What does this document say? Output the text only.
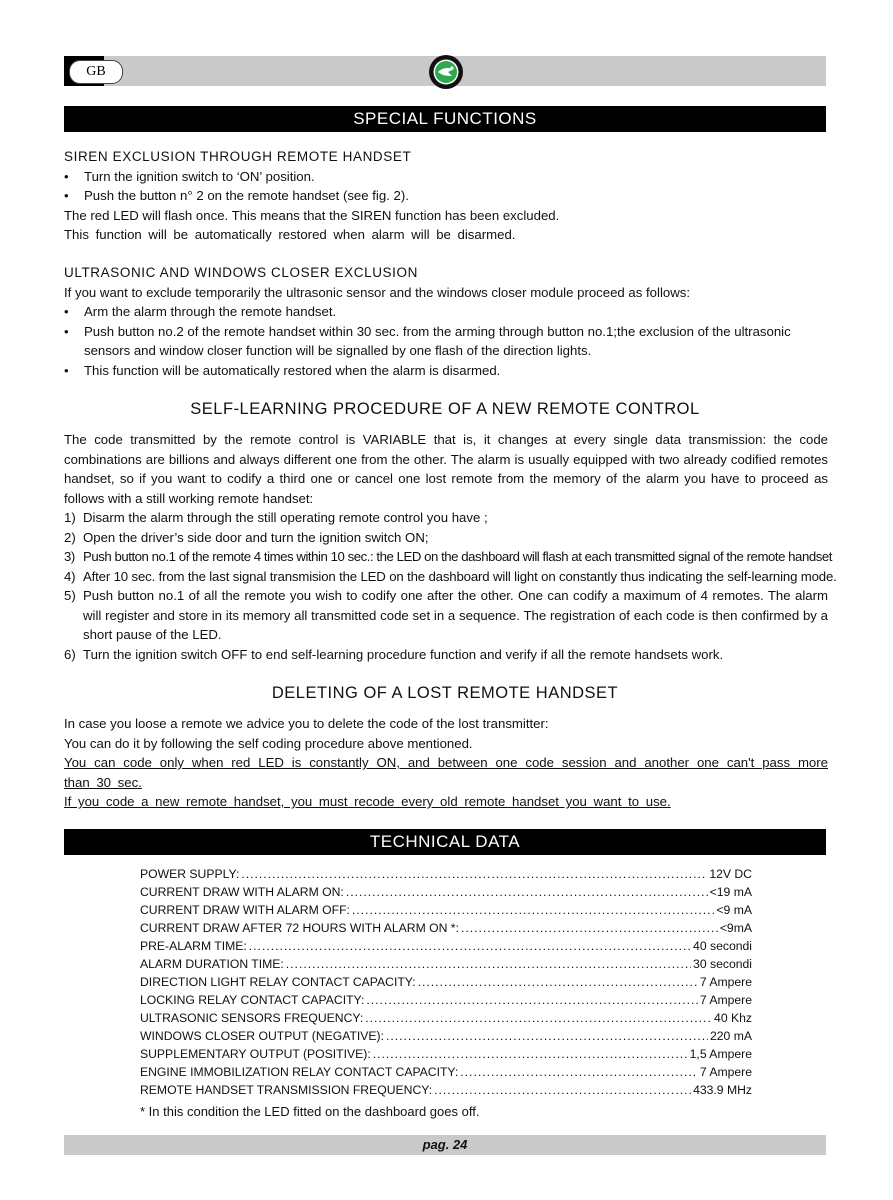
GB
SPECIAL FUNCTIONS

SIREN EXCLUSION THROUGH REMOTE HANDSET

• Turn the ignition switch to ‘ON’ position.

• Push the button n° 2 on the remote handset (see fig. 2).

The red LED will flash once. This means that the SIREN function has been excluded.

This function will be automatically restored when alarm will be disarmed.

ULTRASONIC AND WINDOWS CLOSER EXCLUSION

If you want to exclude temporarily the ultrasonic sensor and the windows closer module proceed as follows:

• Arm the alarm through the remote handset.

• Push button no.2 of the remote handset within 30 sec. from the arming through button no.1;the exclusion of the ultrasonic sensors and window closer function will be signalled by one flash of the direction lights.

• This function will be automatically restored when the alarm is disarmed.

SELF-LEARNING PROCEDURE OF A NEW REMOTE CONTROL

The code transmitted by the remote control is VARIABLE that is, it changes at every single data transmission: the code combinations are billions and always different one from the other. The alarm is usually equipped with two already codified remotes handset, so if you want to codify a third one or cancel one lost remote from the memory of the alarm you have to proceed as follows with a still working remote handset:

1) Disarm the alarm through the still operating remote control you have ;

2) Open the driver’s side door and turn the ignition switch ON;

3) Push button no.1 of the remote 4 times within 10 sec.: the LED on the dashboard will flash at each transmitted signal of the remote handset

4) After 10 sec. from the last signal transmision the LED on the dashboard will light on constantly thus indicating the self-learning mode.

5) Push button no.1 of all the remote you wish to codify one after the other. One can codify a maximum of 4 remotes. The alarm will register and store in its memory all transmitted code set in a sequence. The registration of each code is then confirmed by a short pause of the LED.

6) Turn the ignition switch OFF to end self-learning procedure function and verify if all the remote handsets work.

DELETING OF A LOST REMOTE HANDSET

In case you loose a remote we advice you to delete the code of the lost transmitter:

You can do it by following the self coding procedure above mentioned.

You can code only when red LED is constantly ON, and between one code session and another one can't pass more than 30 sec.

If you code a new remote handset, you must recode every old remote handset you want to use.

TECHNICAL DATA
POWER SUPPLY: .....	12V DC
CURRENT DRAW WITH ALARM ON: .....	<19 mA
CURRENT DRAW WITH ALARM OFF: .....	<9 mA
CURRENT DRAW AFTER 72 HOURS WITH ALARM ON *: .....	<9mA
PRE-ALARM TIME: .....	40 secondi
ALARM DURATION TIME: .....	30 secondi
DIRECTION LIGHT RELAY CONTACT CAPACITY: .....	7 Ampere
LOCKING RELAY CONTACT CAPACITY: .....	7 Ampere
ULTRASONIC SENSORS FREQUENCY: .....	40 Khz
WINDOWS CLOSER OUTPUT (NEGATIVE): .....	220 mA
SUPPLEMENTARY OUTPUT (POSITIVE): .....	1,5 Ampere
ENGINE IMMOBILIZATION RELAY CONTACT CAPACITY: .....	7 Ampere
REMOTE HANDSET TRANSMISSION FREQUENCY: .....	433.9 MHz
* In this condition the LED fitted on the dashboard goes off.
pag. 24
